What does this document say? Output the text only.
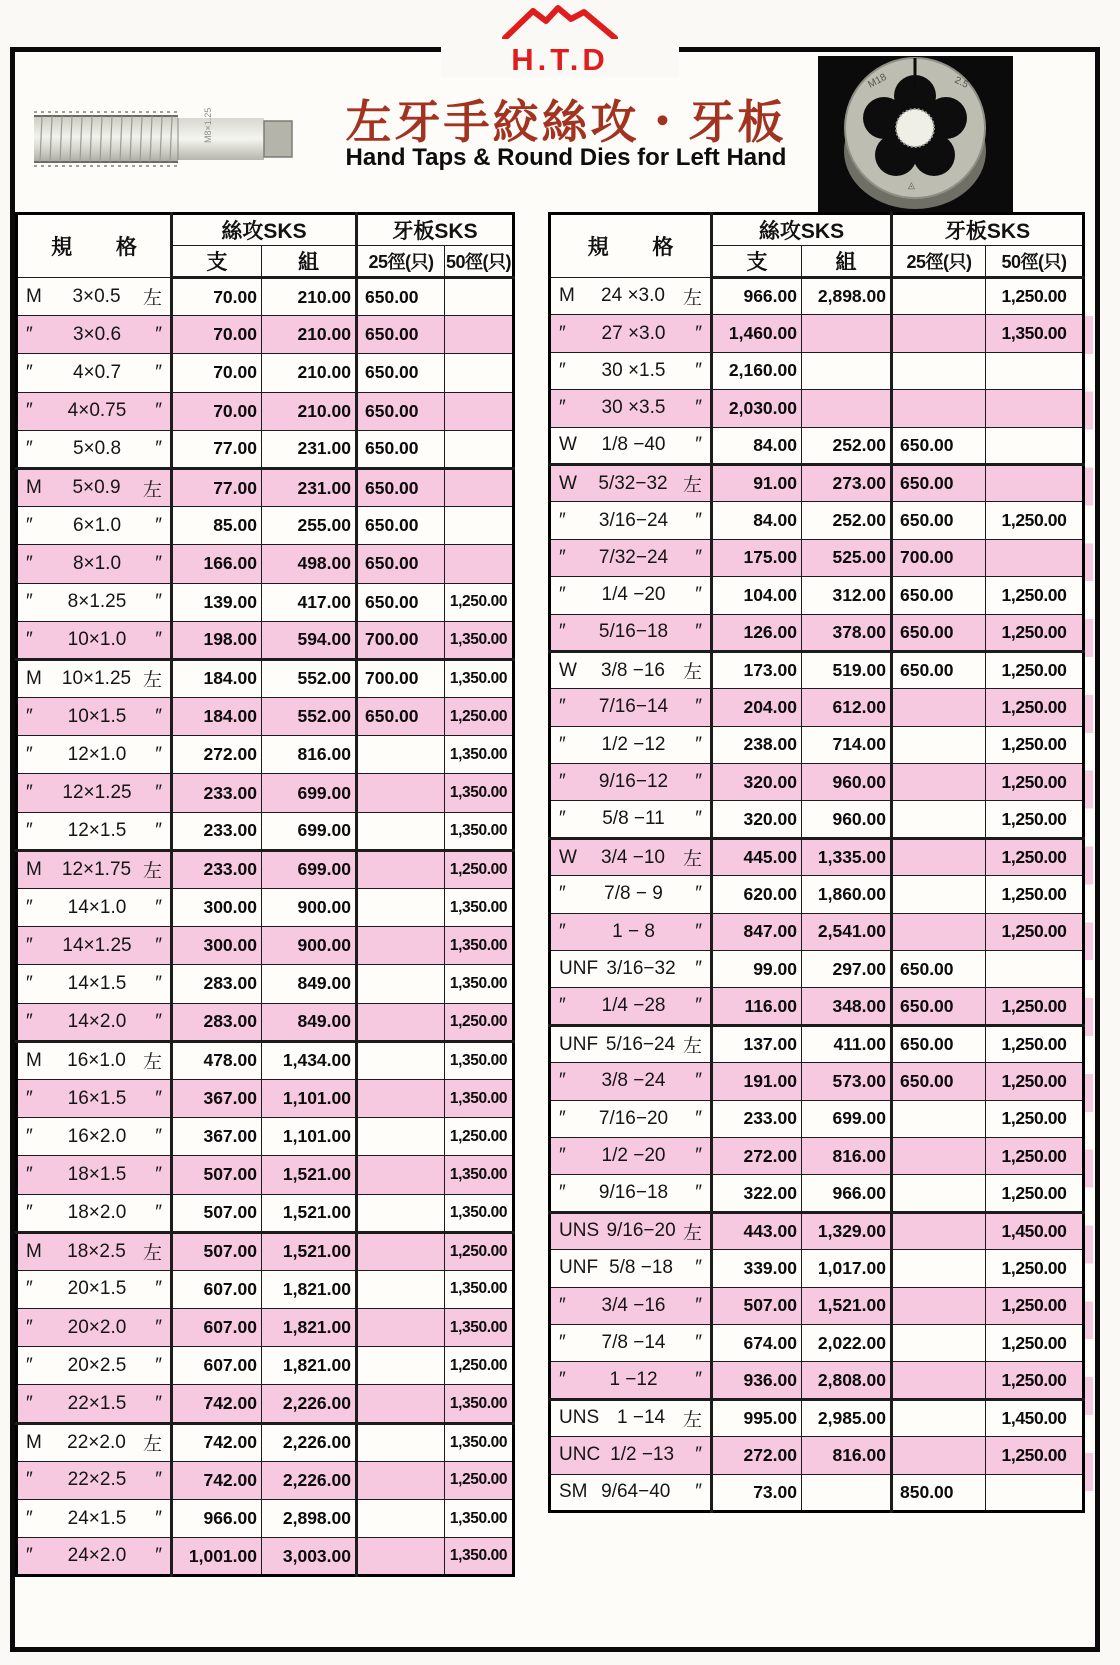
H.T.D
M8×1.25	左牙手絞絲攻・牙板
Hand Taps & Round Dies for Left Hand
M18	2.5
◬
規 格	絲攻SKS		牙板SKS	
	支	組	25徑(只)	50徑(只)

M 3×0.5 左	70.00	210.00	650.00	

″ 3×0.6 ″	70.00	210.00	650.00	

″ 4×0.7 ″	70.00	210.00	650.00	

″ 4×0.75 ″	70.00	210.00	650.00	

″ 5×0.8 ″	77.00	231.00	650.00	

M 5×0.9 左	77.00	231.00	650.00	

″ 6×1.0 ″	85.00	255.00	650.00	

″ 8×1.0 ″	166.00	498.00	650.00	

″ 8×1.25 ″	139.00	417.00	650.00	1,250.00

″ 10×1.0 ″	198.00	594.00	700.00	1,350.00

M 10×1.25 左	184.00	552.00	700.00	1,350.00

″ 10×1.5 ″	184.00	552.00	650.00	1,250.00

″ 12×1.0 ″	272.00	816.00		1,350.00

″ 12×1.25 ″	233.00	699.00		1,350.00

″ 12×1.5 ″	233.00	699.00		1,350.00

M 12×1.75 左	233.00	699.00		1,250.00

″ 14×1.0 ″	300.00	900.00		1,350.00

″ 14×1.25 ″	300.00	900.00		1,350.00

″ 14×1.5 ″	283.00	849.00		1,350.00

″ 14×2.0 ″	283.00	849.00		1,250.00

M 16×1.0 左	478.00	1,434.00		1,350.00

″ 16×1.5 ″	367.00	1,101.00		1,350.00

″ 16×2.0 ″	367.00	1,101.00		1,250.00

″ 18×1.5 ″	507.00	1,521.00		1,350.00

″ 18×2.0 ″	507.00	1,521.00		1,350.00

M 18×2.5 左	507.00	1,521.00		1,250.00

″ 20×1.5 ″	607.00	1,821.00		1,350.00

″ 20×2.0 ″	607.00	1,821.00		1,350.00

″ 20×2.5 ″	607.00	1,821.00		1,250.00

″ 22×1.5 ″	742.00	2,226.00		1,350.00

M 22×2.0 左	742.00	2,226.00		1,350.00

″ 22×2.5 ″	742.00	2,226.00		1,250.00

″ 24×1.5 ″	966.00	2,898.00		1,350.00

″ 24×2.0 ″	1,001.00	3,003.00		1,350.00
規 格	絲攻SKS		牙板SKS	
	支	組	25徑(只)	50徑(只)

M 24 ×3.0 左	966.00	2,898.00		1,250.00

″ 27 ×3.0 ″	1,460.00			1,350.00

″ 30 ×1.5 ″	2,160.00			

″ 30 ×3.5 ″	2,030.00			

W 1/8 −40 ″	84.00	252.00	650.00	

W 5/32−32 左	91.00	273.00	650.00	

″ 3/16−24 ″	84.00	252.00	650.00	1,250.00

″ 7/32−24 ″	175.00	525.00	700.00	

″ 1/4 −20 ″	104.00	312.00	650.00	1,250.00

″ 5/16−18 ″	126.00	378.00	650.00	1,250.00

W 3/8 −16 左	173.00	519.00	650.00	1,250.00

″ 7/16−14 ″	204.00	612.00		1,250.00

″ 1/2 −12 ″	238.00	714.00		1,250.00

″ 9/16−12 ″	320.00	960.00		1,250.00

″ 5/8 −11 ″	320.00	960.00		1,250.00

W 3/4 −10 左	445.00	1,335.00		1,250.00

″ 7/8 − 9 ″	620.00	1,860.00		1,250.00

″ 1 − 8 ″	847.00	2,541.00		1,250.00

UNF 3/16−32 ″	99.00	297.00	650.00	

″ 1/4 −28 ″	116.00	348.00	650.00	1,250.00

UNF 5/16−24 左	137.00	411.00	650.00	1,250.00

″ 3/8 −24 ″	191.00	573.00	650.00	1,250.00

″ 7/16−20 ″	233.00	699.00		1,250.00

″ 1/2 −20 ″	272.00	816.00		1,250.00

″ 9/16−18 ″	322.00	966.00		1,250.00

UNS 9/16−20 左	443.00	1,329.00		1,450.00

UNF 5/8 −18 ″	339.00	1,017.00		1,250.00

″ 3/4 −16 ″	507.00	1,521.00		1,250.00

″ 7/8 −14 ″	674.00	2,022.00		1,250.00

″ 1 −12 ″	936.00	2,808.00		1,250.00

UNS 1 −14 左	995.00	2,985.00		1,450.00

UNC 1/2 −13 ″	272.00	816.00		1,250.00

SM 9/64−40 ″	73.00		850.00	
